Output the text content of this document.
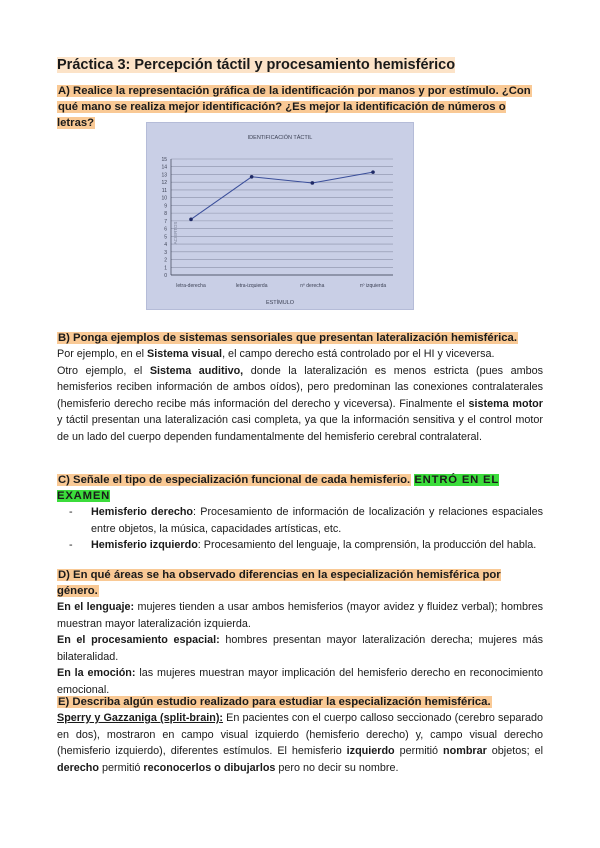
Práctica 3: Percepción táctil y procesamiento hemisférico
A) Realice la representación gráfica de la identificación por manos y por estímulo. ¿Con
qué mano se realiza mejor identificación? ¿Es mejor la identificación de números o letras?
IDENTIFICACIÓN TÁCTIL
0
1
2
3
4
5
6
7
8
9
10
11
12
13
14
15
ACIERTOS
letra-derecha	letra-izquierda	nº derecha	nº izquierda
ESTÍMULO
B) Ponga ejemplos de sistemas sensoriales que presentan lateralización hemisférica.
Por ejemplo, en el Sistema visual, el campo derecho está controlado por el HI y viceversa.
Otro ejemplo, el Sistema auditivo, donde la lateralización es menos estricta (pues ambos hemisferios reciben información de ambos oídos), pero predominan las conexiones contralaterales (hemisferio derecho recibe más información del derecho y viceversa). Finalmente el sistema motor y táctil presentan una lateralización casi completa, ya que la información sensitiva y el control motor de un lado del cuerpo dependen fundamentalmente del hemisferio cerebral contralateral.
C) Señale el tipo de especialización funcional de cada hemisferio. ENTRÓ EN EL EXAMEN
- Hemisferio derecho: Procesamiento de información de localización y relaciones espaciales entre objetos, la música, capacidades artísticas, etc.
- Hemisferio izquierdo: Procesamiento del lenguaje, la comprensión, la producción del habla.
D) En qué áreas se ha observado diferencias en la especialización hemisférica por género.
En el lenguaje: mujeres tienden a usar ambos hemisferios (mayor avidez y fluidez verbal); hombres muestran mayor lateralización izquierda.
En el procesamiento espacial: hombres presentan mayor lateralización derecha; mujeres más bilateralidad.
En la emoción: las mujeres muestran mayor implicación del hemisferio derecho en reconocimiento emocional.
E) Describa algún estudio realizado para estudiar la especialización hemisférica.
Sperry y Gazzaniga (split-brain): En pacientes con el cuerpo calloso seccionado (cerebro separado en dos), mostraron en campo visual izquierdo (hemisferio derecho) y, campo visual derecho (hemisferio izquierdo), diferentes estímulos. El hemisferio izquierdo permitió nombrar objetos; el derecho permitió reconocerlos o dibujarlos pero no decir su nombre.
